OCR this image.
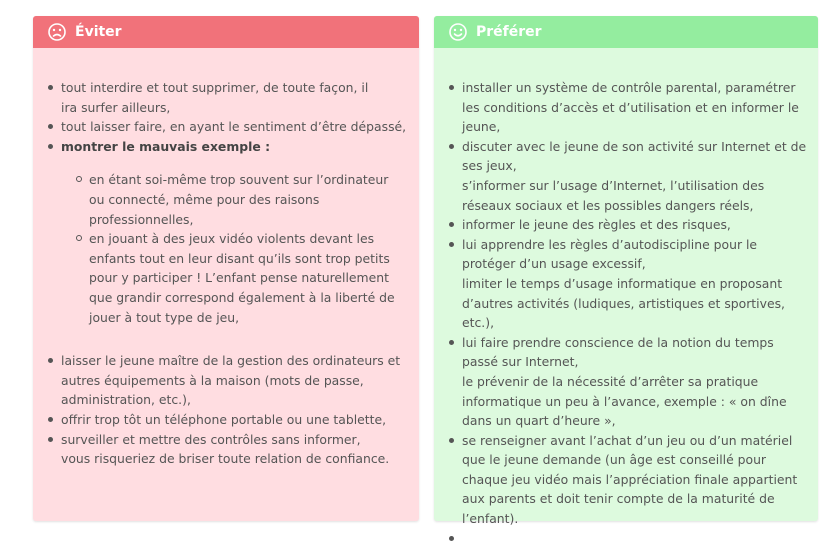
Éviter
tout interdire et tout supprimer, de toute façon, il ira surfer ailleurs,
tout laisser faire, en ayant le sentiment d’être dépassé,
montrer le mauvais exemple :
en étant soi-même trop souvent sur l’ordinateur ou connecté, même pour des raisons professionnelles,
en jouant à des jeux vidéo violents devant les enfants tout en leur disant qu’ils sont trop petits pour y participer ! L’enfant pense naturellement que grandir correspond également à la liberté de jouer à tout type de jeu,
laisser le jeune maître de la gestion des ordinateurs et autres équipements à la maison (mots de passe, administration, etc.),
offrir trop tôt un téléphone portable ou une tablette,
surveiller et mettre des contrôles sans informer, vous risqueriez de briser toute relation de confiance.
Préférer
installer un système de contrôle parental, paramétrer les conditions d’accès et d’utilisation et en informer le jeune,
discuter avec le jeune de son activité sur Internet et de ses jeux,
s’informer sur l’usage d’Internet, l’utilisation des réseaux sociaux et les possibles dangers réels,
informer le jeune des règles et des risques,
lui apprendre les règles d’autodiscipline pour le protéger d’un usage excessif,
limiter le temps d’usage informatique en proposant d’autres activités (ludiques, artistiques et sportives, etc.),
lui faire prendre conscience de la notion du temps passé sur Internet,
le prévenir de la nécessité d’arrêter sa pratique informatique un peu à l’avance, exemple : « on dîne dans un quart d’heure »,
se renseigner avant l’achat d’un jeu ou d’un matériel que le jeune demande (un âge est conseillé pour chaque jeu vidéo mais l’appréciation finale appartient aux parents et doit tenir compte de la maturité de l’enfant).
